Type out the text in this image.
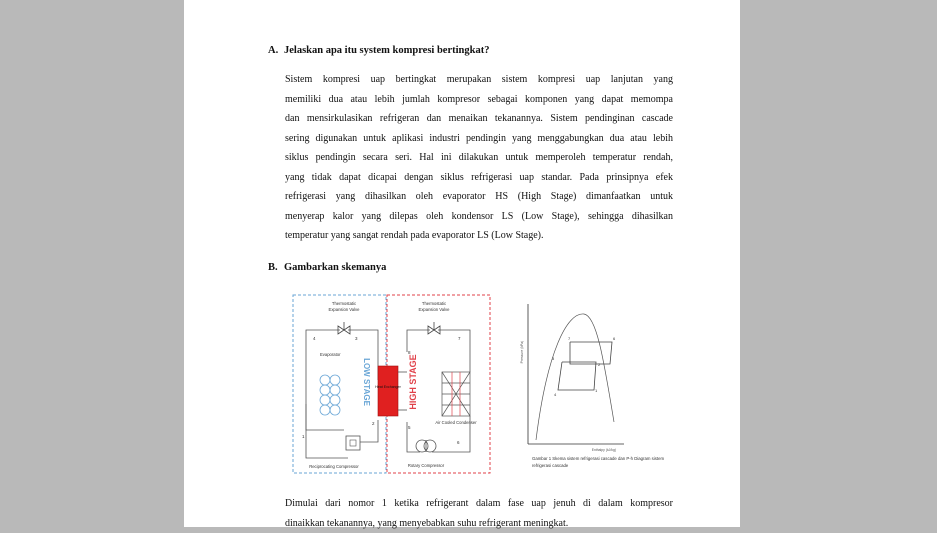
A. Jelaskan apa itu system kompresi bertingkat?
Sistem kompresi uap bertingkat merupakan sistem kompresi uap lanjutan yang
memiliki dua atau lebih jumlah kompresor sebagai komponen yang dapat memompa
dan mensirkulasikan refrigeran dan menaikan tekanannya. Sistem pendinginan cascade
sering digunakan untuk aplikasi industri pendingin yang menggabungkan dua atau lebih
siklus pendingin secara seri. Hal ini dilakukan untuk memperoleh temperatur rendah,
yang tidak dapat dicapai dengan siklus refrigerasi uap standar. Pada prinsipnya efek
refrigerasi yang dihasilkan oleh evaporator HS (High Stage) dimanfaatkan untuk
menyerap kalor yang dilepas oleh kondensor LS (Low Stage), sehingga dihasilkan
temperatur yang sangat rendah pada evaporator LS (Low Stage).
B. Gambarkan skemanya
Thermostatic
Expansion Valve
Evaporator
LOW STAGE
Reciprocating Compressor
4	3
1
2
Heat Exchanger
Thermostatic
Expansion Valve
HIGH STAGE
Air Cooled Condenser
Rotary Compressor
8
7
5
6
7	6
3
2
4
1
Pressure (kPa)
Enthalpy (kJ/kg)
Gambar 1 Skema sistem refrigerasi cascade dan P-h Diagram sistem
refrigerasi cascade
Dimulai dari nomor 1 ketika refrigerant dalam fase uap jenuh di dalam kompresor
dinaikkan tekanannya, yang menyebabkan suhu refrigerant meningkat.
